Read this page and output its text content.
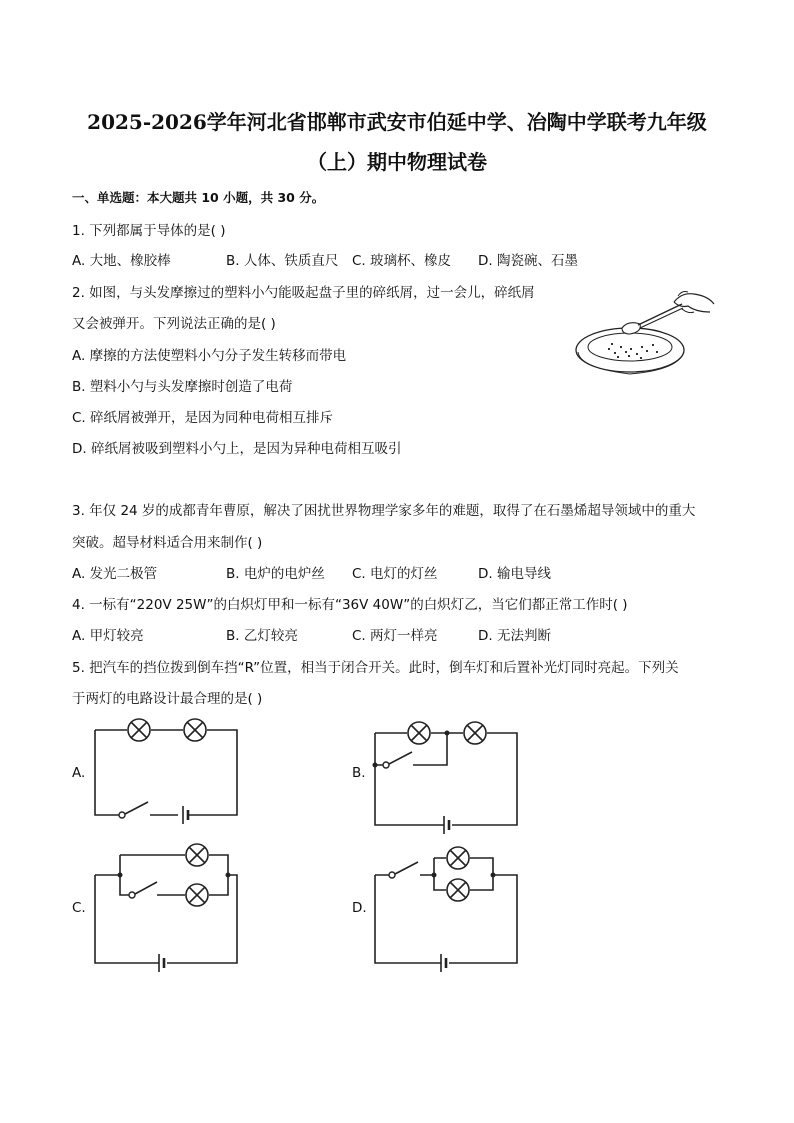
2025-2026学年河北省邯郸市武安市伯延中学、冶陶中学联考九年级
（上）期中物理试卷
一、单选题：本大题共 10 小题，共 30 分。
1. 下列都属于导体的是( )
A. 大地、橡胶棒	B. 人体、铁质直尺 C. 玻璃杯、橡皮 D. 陶瓷碗、石墨
2. 如图，与头发摩擦过的塑料小勺能吸起盘子里的碎纸屑，过一会儿，碎纸屑
又会被弹开。下列说法正确的是( )
A. 摩擦的方法使塑料小勺分子发生转移而带电
B. 塑料小勺与头发摩擦时创造了电荷
C. 碎纸屑被弹开，是因为同种电荷相互排斥
D. 碎纸屑被吸到塑料小勺上，是因为异种电荷相互吸引
3. 年仅 24 岁的成都青年曹原，解决了困扰世界物理学家多年的难题，取得了在石墨烯超导领域中的重大
突破。超导材料适合用来制作( )
A. 发光二极管	B. 电炉的电炉丝 C. 电灯的灯丝	D. 输电导线
4. 一标有“220V 25W”的白炽灯甲和一标有“36V 40W”的白炽灯乙，当它们都正常工作时( )
A. 甲灯较亮	B. 乙灯较亮	C. 两灯一样亮	D. 无法判断
5. 把汽车的挡位拨到倒车挡“R”位置，相当于闭合开关。此时，倒车灯和后置补光灯同时亮起。下列关
于两灯的电路设计最合理的是( )
A.	B.
C.	D.
